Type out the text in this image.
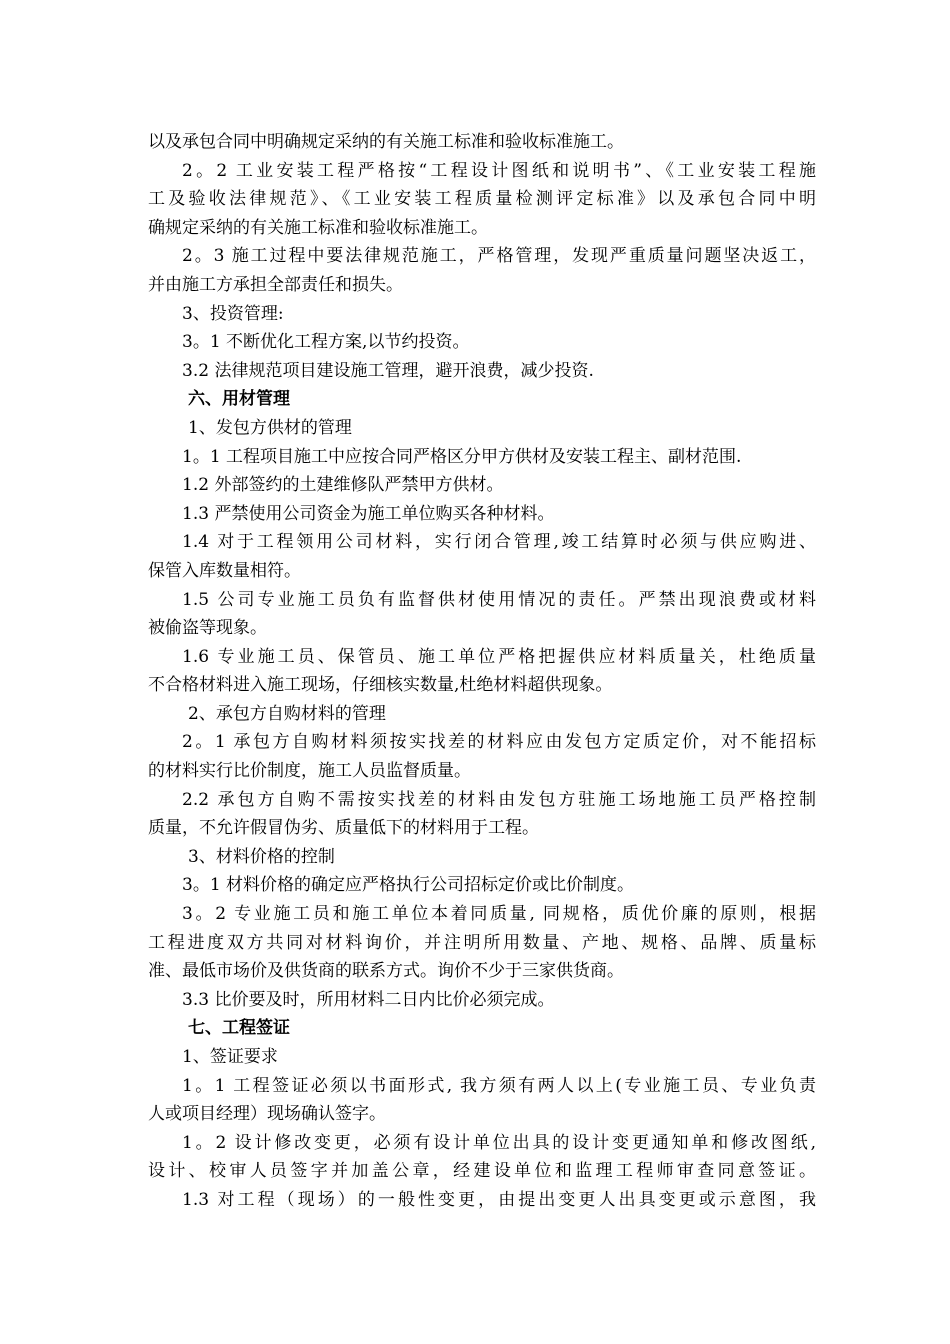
以及承包合同中明确规定采纳的有关施工标准和验收标准施工。
2。2 工业安装工程严格按“工程设计图纸和说明书”、《工业安装工程施
工及验收法律规范》、《工业安装工程质量检测评定标准》以及承包合同中明
确规定采纳的有关施工标准和验收标准施工。
2。3 施工过程中要法律规范施工，严格管理，发现严重质量问题坚决返工，
并由施工方承担全部责任和损失。
3、投资管理:
3。1 不断优化工程方案,以节约投资。
3.2 法律规范项目建设施工管理，避开浪费，减少投资.
六、用材管理
1、发包方供材的管理
1。1 工程项目施工中应按合同严格区分甲方供材及安装工程主、副材范围.
1.2 外部签约的土建维修队严禁甲方供材。
1.3 严禁使用公司资金为施工单位购买各种材料。
1.4 对于工程领用公司材料，实行闭合管理,竣工结算时必须与供应购进、
保管入库数量相符。
1.5 公司专业施工员负有监督供材使用情况的责任。严禁出现浪费或材料
被偷盗等现象。
1.6 专业施工员、保管员、施工单位严格把握供应材料质量关，杜绝质量
不合格材料进入施工现场，仔细核实数量,杜绝材料超供现象。
2、承包方自购材料的管理
2。1 承包方自购材料须按实找差的材料应由发包方定质定价，对不能招标
的材料实行比价制度，施工人员监督质量。
2.2 承包方自购不需按实找差的材料由发包方驻施工场地施工员严格控制
质量，不允许假冒伪劣、质量低下的材料用于工程。
3、材料价格的控制
3。1 材料价格的确定应严格执行公司招标定价或比价制度。
3。2 专业施工员和施工单位本着同质量, 同规格，质优价廉的原则，根据
工程进度双方共同对材料询价，并注明所用数量、产地、规格、品牌、质量标
准、最低市场价及供货商的联系方式。询价不少于三家供货商。
3.3 比价要及时，所用材料二日内比价必须完成。
七、工程签证
1、签证要求
1。1 工程签证必须以书面形式, 我方须有两人以上(专业施工员、专业负责
人或项目经理）现场确认签字。
1。2 设计修改变更，必须有设计单位出具的设计变更通知单和修改图纸,
设计、校审人员签字并加盖公章，经建设单位和监理工程师审查同意签证。
1.3 对工程（现场）的一般性变更，由提出变更人出具变更或示意图，我
